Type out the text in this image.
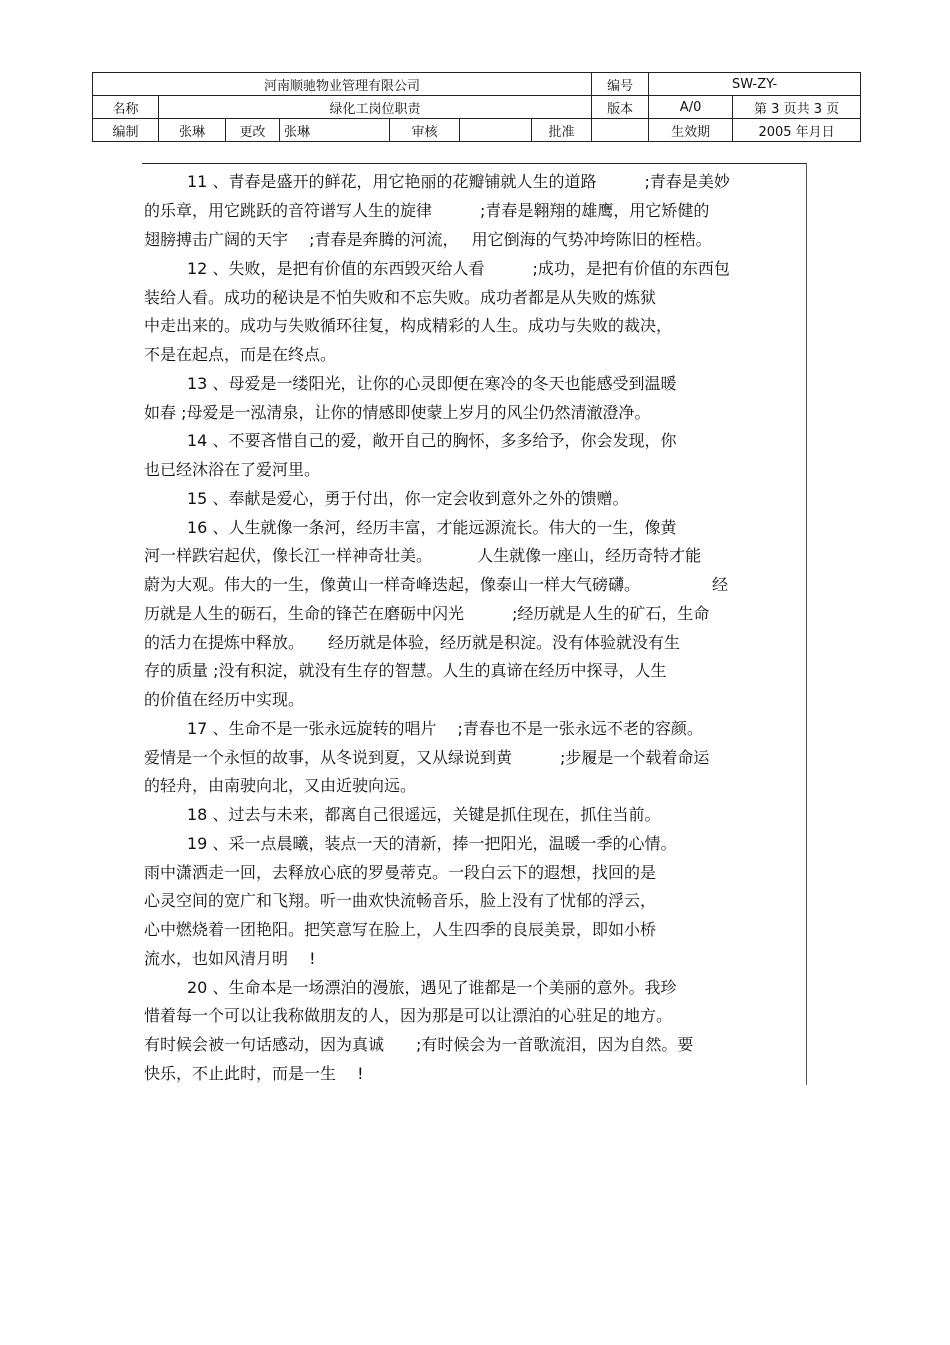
河南顺驰物业管理有限公司							编号	SW-ZY-	
名称	绿化工岗位职责						版本	A/0	第 3 页共 3 页
编制	张琳	更改	张琳	审核		批准		生效期	2005 年月日
11 、青春是盛开的鲜花，用它艳丽的花瓣铺就人生的道路　　　;青春是美妙
的乐章，用它跳跃的音符谱写人生的旋律　　　;青春是翱翔的雄鹰，用它矫健的
翅膀搏击广阔的天宇　 ;青春是奔腾的河流，　 用它倒海的气势冲垮陈旧的桎梏。
12 、失败，是把有价值的东西毁灭给人看　　　;成功，是把有价值的东西包
装给人看。成功的秘诀是不怕失败和不忘失败。成功者都是从失败的炼狱
中走出来的。成功与失败循环往复，构成精彩的人生。成功与失败的裁决，
不是在起点，而是在终点。
13 、母爱是一缕阳光，让你的心灵即便在寒冷的冬天也能感受到温暖
如春 ;母爱是一泓清泉，让你的情感即使蒙上岁月的风尘仍然清澈澄净。
14 、不要吝惜自己的爱，敞开自己的胸怀，多多给予，你会发现，你
也已经沐浴在了爱河里。
15 、奉献是爱心，勇于付出，你一定会收到意外之外的馈赠。
16 、人生就像一条河，经历丰富，才能远源流长。伟大的一生，像黄
河一样跌宕起伏，像长江一样神奇壮美。　　　 人生就像一座山，经历奇特才能
蔚为大观。伟大的一生，像黄山一样奇峰迭起，像泰山一样大气磅礴。　　　　　经
历就是人生的砺石，生命的锋芒在磨砺中闪光　　　;经历就是人生的矿石，生命
的活力在提炼中释放。　　经历就是体验，经历就是积淀。没有体验就没有生
存的质量 ;没有积淀，就没有生存的智慧。人生的真谛在经历中探寻，人生
的价值在经历中实现。
17 、生命不是一张永远旋转的唱片　 ;青春也不是一张永远不老的容颜。
爱情是一个永恒的故事，从冬说到夏，又从绿说到黄　　　;步履是一个载着命运
的轻舟，由南驶向北，又由近驶向远。
18 、过去与未来，都离自己很遥远，关键是抓住现在，抓住当前。
19 、采一点晨曦，装点一天的清新，捧一把阳光，温暖一季的心情。
雨中潇洒走一回，去释放心底的罗曼蒂克。一段白云下的遐想，找回的是
心灵空间的宽广和飞翔。听一曲欢快流畅音乐，脸上没有了忧郁的浮云，
心中燃烧着一团艳阳。把笑意写在脸上，人生四季的良辰美景，即如小桥
流水，也如风清月明　 !
20 、生命本是一场漂泊的漫旅，遇见了谁都是一个美丽的意外。我珍
惜着每一个可以让我称做朋友的人，因为那是可以让漂泊的心驻足的地方。
有时候会被一句话感动，因为真诚　　;有时候会为一首歌流泪，因为自然。要
快乐，不止此时，而是一生　 !
